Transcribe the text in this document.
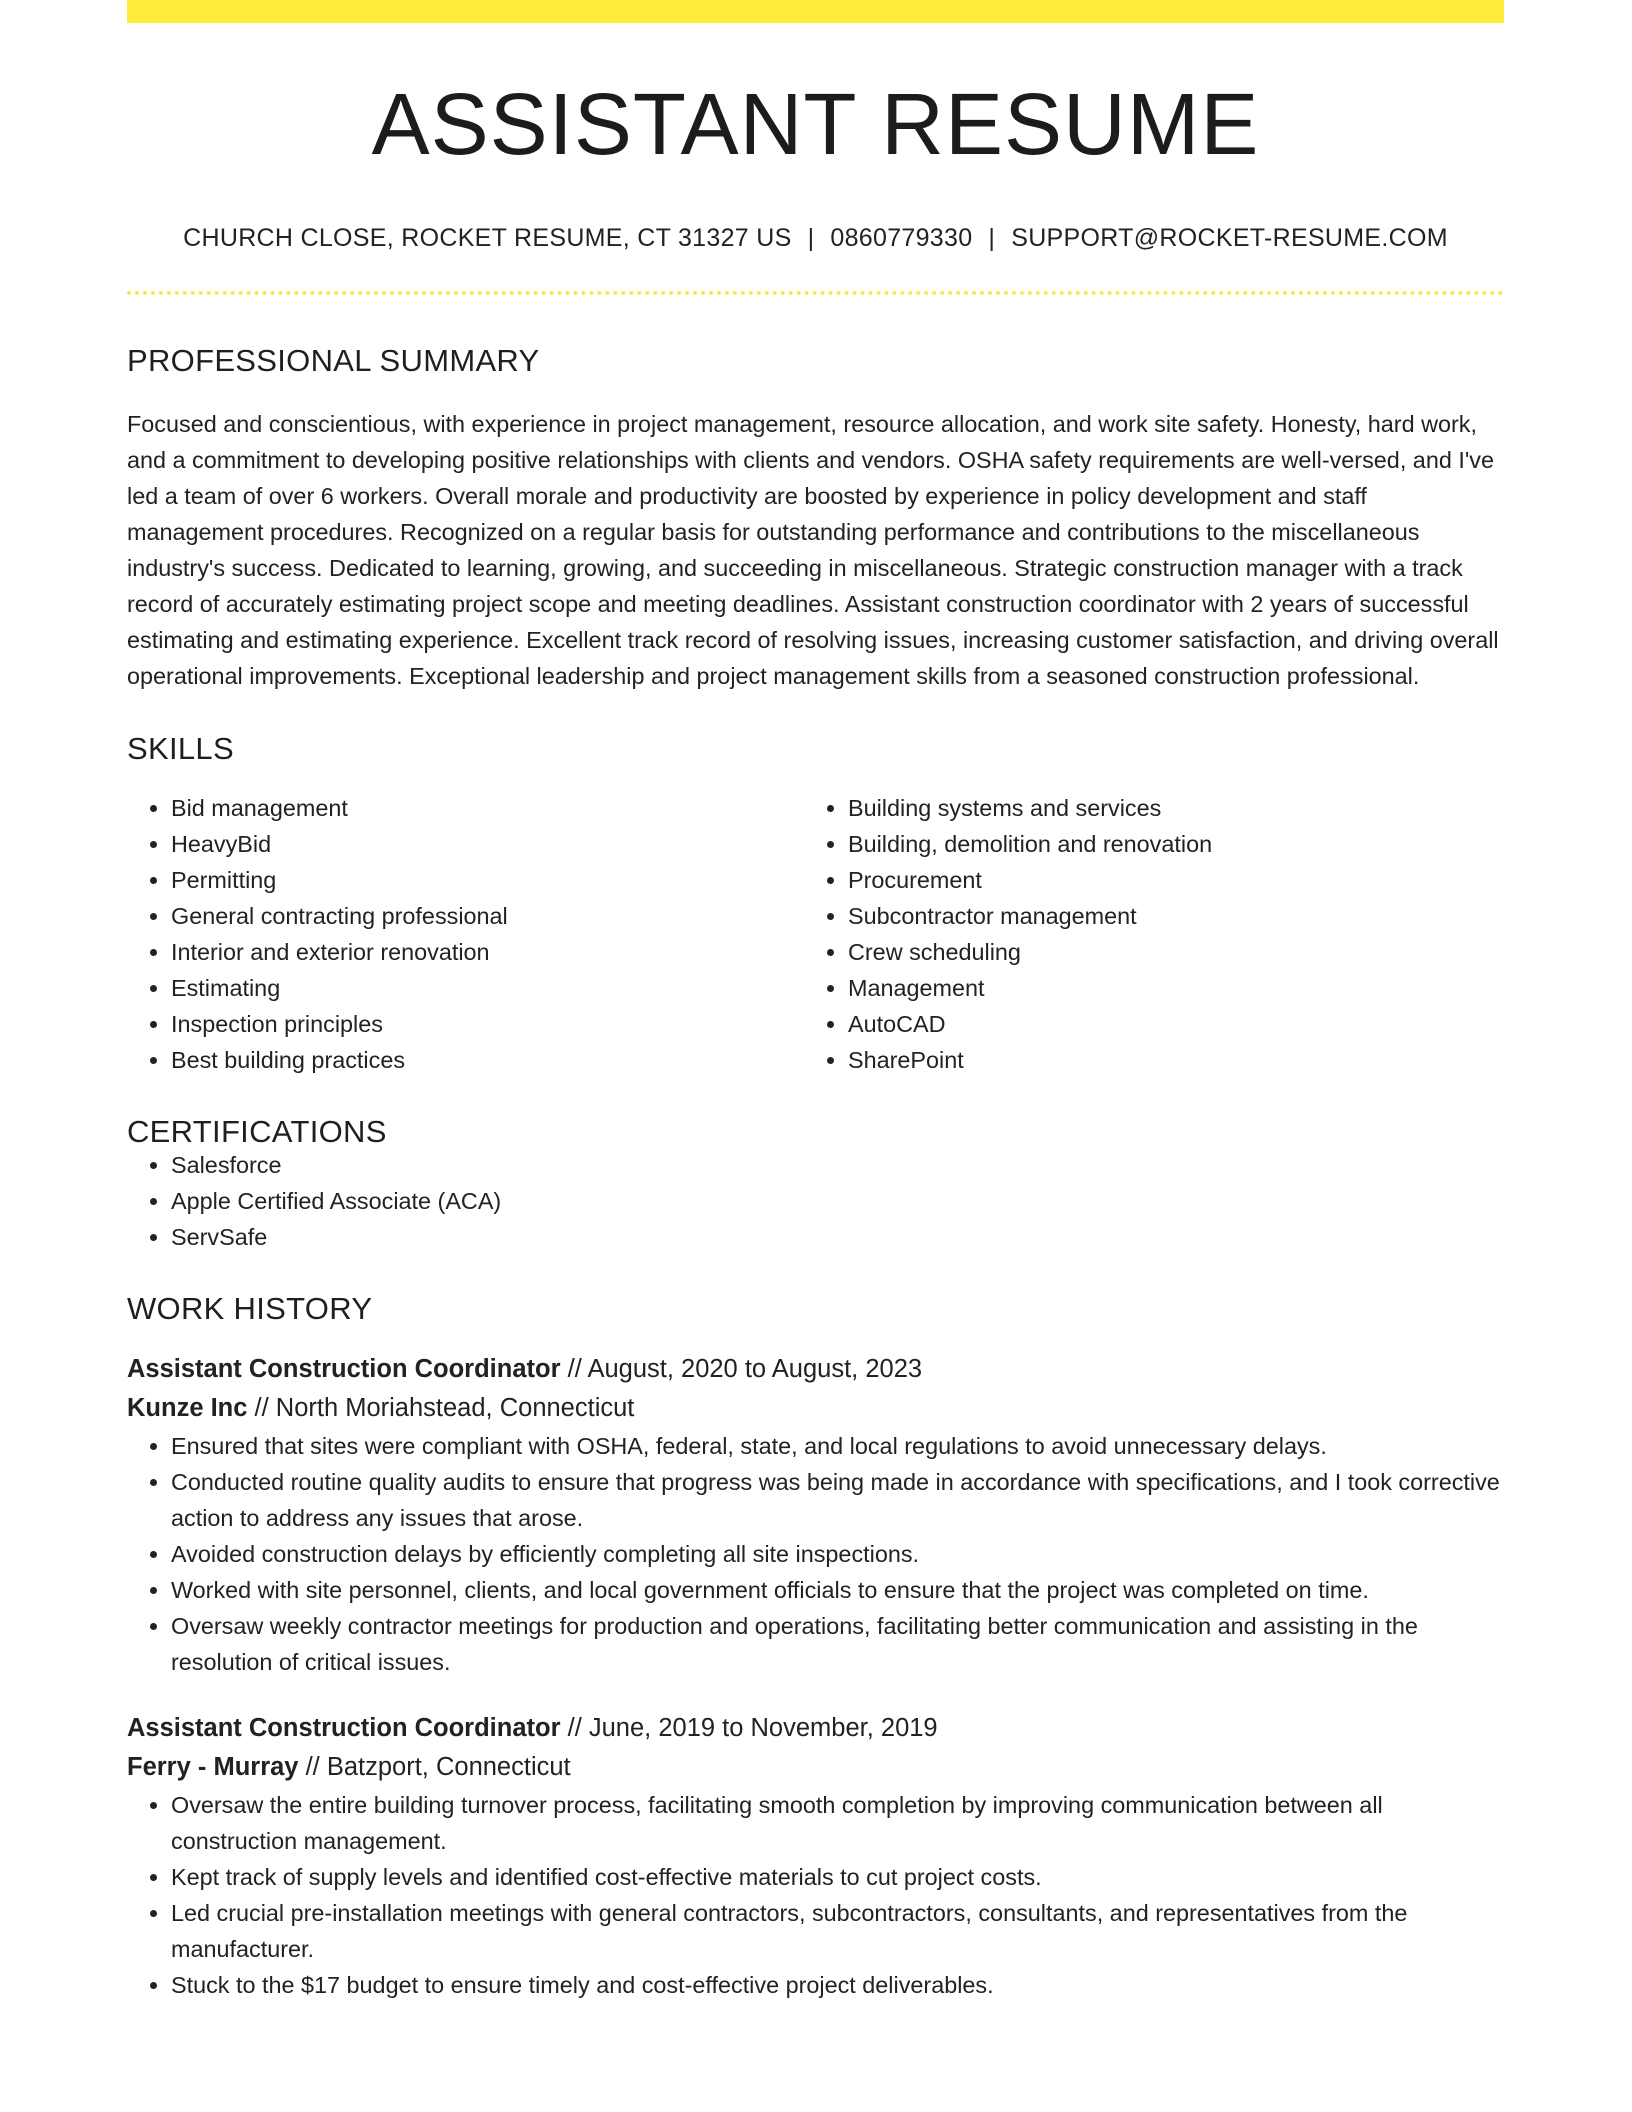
ASSISTANT RESUME
CHURCH CLOSE, ROCKET RESUME, CT 31327 US | 0860779330 | SUPPORT@ROCKET-RESUME.COM
PROFESSIONAL SUMMARY

Focused and conscientious, with experience in project management, resource allocation, and work site safety. Honesty, hard work, and a commitment to developing positive relationships with clients and vendors. OSHA safety requirements are well-versed, and I've led a team of over 6 workers. Overall morale and productivity are boosted by experience in policy development and staff management procedures. Recognized on a regular basis for outstanding performance and contributions to the miscellaneous industry's success. Dedicated to learning, growing, and succeeding in miscellaneous. Strategic construction manager with a track record of accurately estimating project scope and meeting deadlines. Assistant construction coordinator with 2 years of successful estimating and estimating experience. Excellent track record of resolving issues, increasing customer satisfaction, and driving overall operational improvements. Exceptional leadership and project management skills from a seasoned construction professional.

SKILLS
• Bid management
• HeavyBid
• Permitting
• General contracting professional
• Interior and exterior renovation
• Estimating
• Inspection principles
• Best building practices
• Building systems and services
• Building, demolition and renovation
• Procurement
• Subcontractor management
• Crew scheduling
• Management
• AutoCAD
• SharePoint
CERTIFICATIONS
• Salesforce
• Apple Certified Associate (ACA)
• ServSafe
WORK HISTORY
Assistant Construction Coordinator // August, 2020 to August, 2023
Kunze Inc // North Moriahstead, Connecticut
• Ensured that sites were compliant with OSHA, federal, state, and local regulations to avoid unnecessary delays.
• Conducted routine quality audits to ensure that progress was being made in accordance with specifications, and I took corrective action to address any issues that arose.
• Avoided construction delays by efficiently completing all site inspections.
• Worked with site personnel, clients, and local government officials to ensure that the project was completed on time.
• Oversaw weekly contractor meetings for production and operations, facilitating better communication and assisting in the resolution of critical issues.
Assistant Construction Coordinator // June, 2019 to November, 2019
Ferry - Murray // Batzport, Connecticut
• Oversaw the entire building turnover process, facilitating smooth completion by improving communication between all construction management.
• Kept track of supply levels and identified cost-effective materials to cut project costs.
• Led crucial pre-installation meetings with general contractors, subcontractors, consultants, and representatives from the manufacturer.
• Stuck to the $17 budget to ensure timely and cost-effective project deliverables.
